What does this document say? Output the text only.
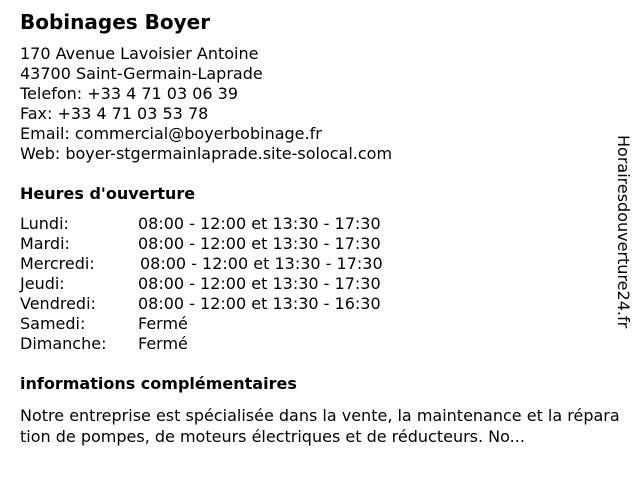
Bobinages Boyer
170 Avenue Lavoisier Antoine
43700 Saint-Germain-Laprade
Telefon: +33 4 71 03 06 39
Fax: +33 4 71 03 53 78
Email: commercial@boyerbobinage.fr
Web: boyer-stgermainlaprade.site-solocal.com
Heures d'ouverture
Lundi:	08:00 - 12:00 et 13:30 - 17:30
Mardi:	08:00 - 12:00 et 13:30 - 17:30
Mercredi:	08:00 - 12:00 et 13:30 - 17:30
Jeudi:	08:00 - 12:00 et 13:30 - 17:30
Vendredi:	08:00 - 12:00 et 13:30 - 16:30
Samedi:	Fermé
Dimanche: Fermé
informations complémentaires
Notre entreprise est spécialisée dans la vente, la maintenance et la réparation de pompes, de moteurs électriques et de réducteurs. No...
Horairesdouverture24.fr
